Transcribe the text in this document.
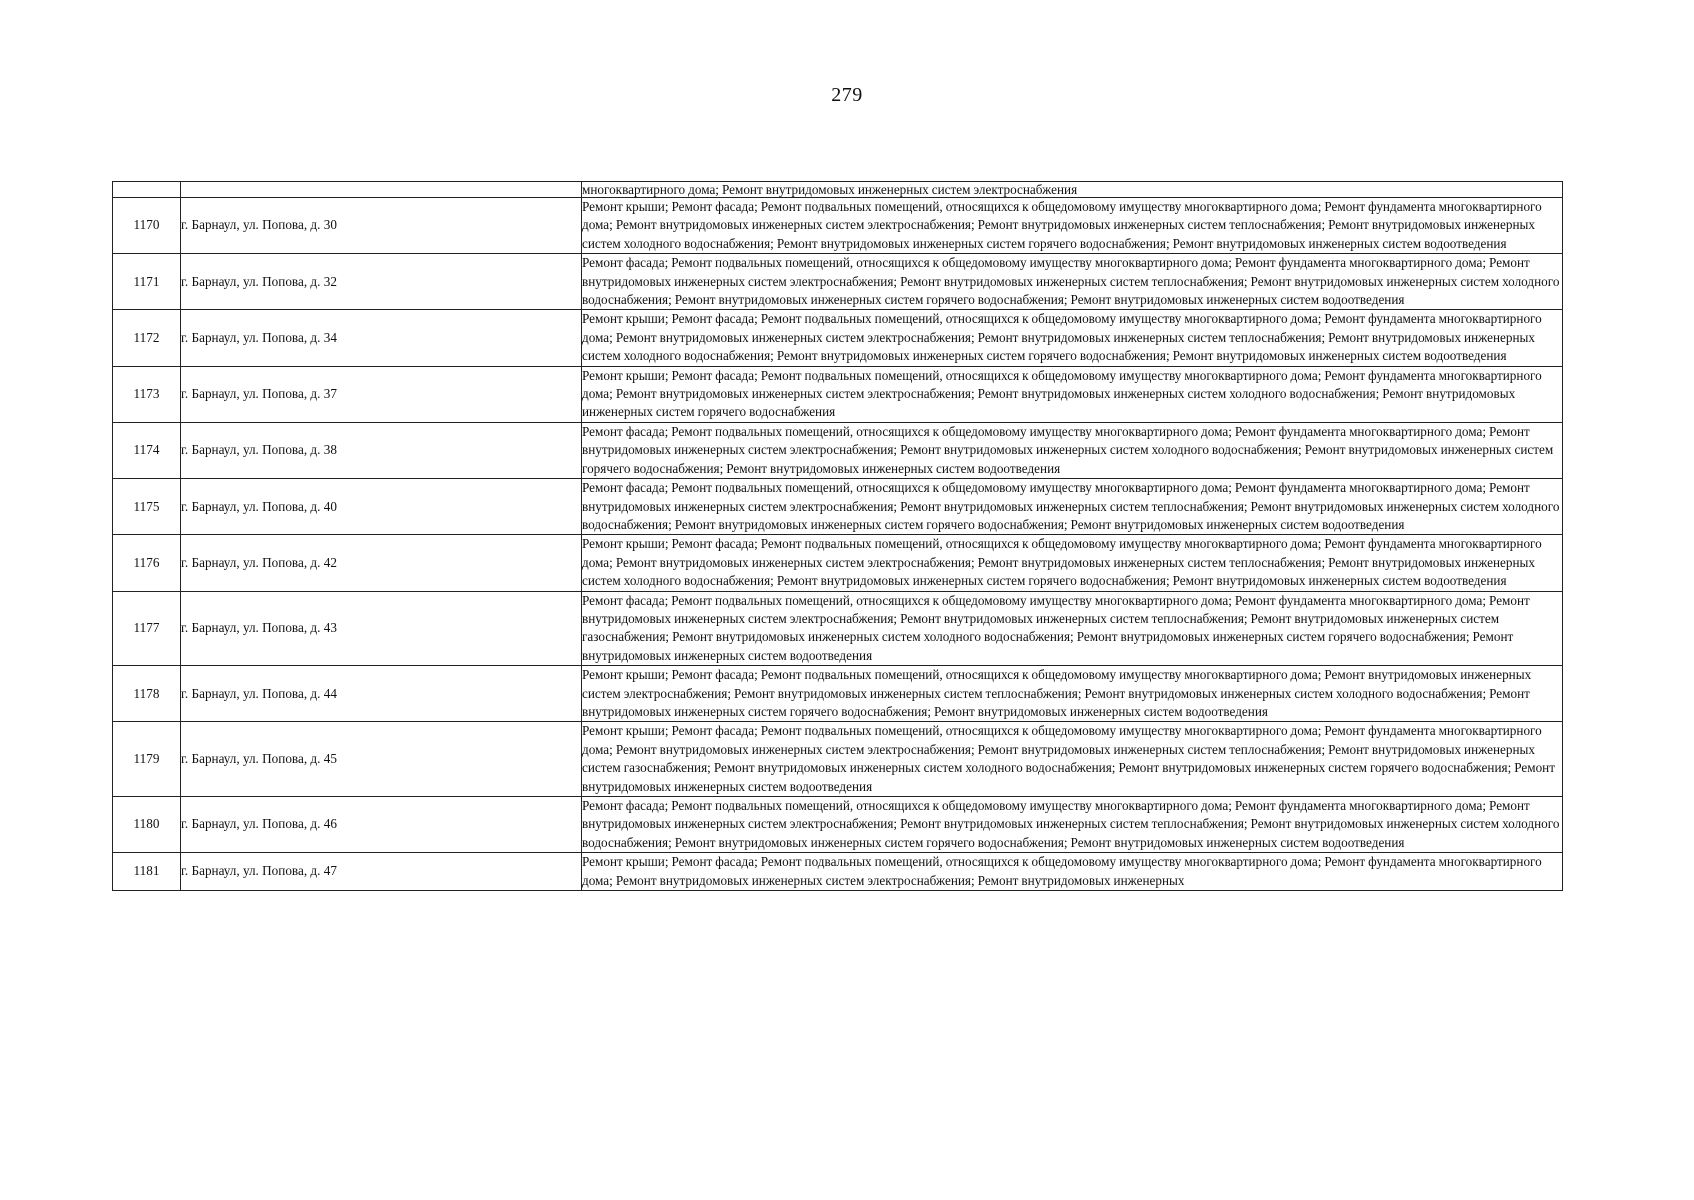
279
		многоквартирного дома; Ремонт внутридомовых инженерных систем электроснабжения
1170	г. Барнаул, ул. Попова, д. 30	Ремонт крыши; Ремонт фасада; Ремонт подвальных помещений, относящихся к общедомовому имуществу многоквартирного дома; Ремонт фундамента многоквартирного дома; Ремонт внутридомовых инженерных систем электроснабжения; Ремонт внутридомовых инженерных систем теплоснабжения; Ремонт внутридомовых инженерных систем холодного водоснабжения; Ремонт внутридомовых инженерных систем горячего водоснабжения; Ремонт внутридомовых инженерных систем водоотведения
1171	г. Барнаул, ул. Попова, д. 32	Ремонт фасада; Ремонт подвальных помещений, относящихся к общедомовому имуществу многоквартирного дома; Ремонт фундамента многоквартирного дома; Ремонт внутридомовых инженерных систем электроснабжения; Ремонт внутридомовых инженерных систем теплоснабжения; Ремонт внутридомовых инженерных систем холодного водоснабжения; Ремонт внутридомовых инженерных систем горячего водоснабжения; Ремонт внутридомовых инженерных систем водоотведения
1172	г. Барнаул, ул. Попова, д. 34	Ремонт крыши; Ремонт фасада; Ремонт подвальных помещений, относящихся к общедомовому имуществу многоквартирного дома; Ремонт фундамента многоквартирного дома; Ремонт внутридомовых инженерных систем электроснабжения; Ремонт внутридомовых инженерных систем теплоснабжения; Ремонт внутридомовых инженерных систем холодного водоснабжения; Ремонт внутридомовых инженерных систем горячего водоснабжения; Ремонт внутридомовых инженерных систем водоотведения
1173	г. Барнаул, ул. Попова, д. 37	Ремонт крыши; Ремонт фасада; Ремонт подвальных помещений, относящихся к общедомовому имуществу многоквартирного дома; Ремонт фундамента многоквартирного дома; Ремонт внутридомовых инженерных систем электроснабжения; Ремонт внутридомовых инженерных систем холодного водоснабжения; Ремонт внутридомовых инженерных систем горячего водоснабжения
1174	г. Барнаул, ул. Попова, д. 38	Ремонт фасада; Ремонт подвальных помещений, относящихся к общедомовому имуществу многоквартирного дома; Ремонт фундамента многоквартирного дома; Ремонт внутридомовых инженерных систем электроснабжения; Ремонт внутридомовых инженерных систем холодного водоснабжения; Ремонт внутридомовых инженерных систем горячего водоснабжения; Ремонт внутридомовых инженерных систем водоотведения
1175	г. Барнаул, ул. Попова, д. 40	Ремонт фасада; Ремонт подвальных помещений, относящихся к общедомовому имуществу многоквартирного дома; Ремонт фундамента многоквартирного дома; Ремонт внутридомовых инженерных систем электроснабжения; Ремонт внутридомовых инженерных систем теплоснабжения; Ремонт внутридомовых инженерных систем холодного водоснабжения; Ремонт внутридомовых инженерных систем горячего водоснабжения; Ремонт внутридомовых инженерных систем водоотведения
1176	г. Барнаул, ул. Попова, д. 42	Ремонт крыши; Ремонт фасада; Ремонт подвальных помещений, относящихся к общедомовому имуществу многоквартирного дома; Ремонт фундамента многоквартирного дома; Ремонт внутридомовых инженерных систем электроснабжения; Ремонт внутридомовых инженерных систем теплоснабжения; Ремонт внутридомовых инженерных систем холодного водоснабжения; Ремонт внутридомовых инженерных систем горячего водоснабжения; Ремонт внутридомовых инженерных систем водоотведения
1177	г. Барнаул, ул. Попова, д. 43	Ремонт фасада; Ремонт подвальных помещений, относящихся к общедомовому имуществу многоквартирного дома; Ремонт фундамента многоквартирного дома; Ремонт внутридомовых инженерных систем электроснабжения; Ремонт внутридомовых инженерных систем теплоснабжения; Ремонт внутридомовых инженерных систем газоснабжения; Ремонт внутридомовых инженерных систем холодного водоснабжения; Ремонт внутридомовых инженерных систем горячего водоснабжения; Ремонт внутридомовых инженерных систем водоотведения
1178	г. Барнаул, ул. Попова, д. 44	Ремонт крыши; Ремонт фасада; Ремонт подвальных помещений, относящихся к общедомовому имуществу многоквартирного дома; Ремонт внутридомовых инженерных систем электроснабжения; Ремонт внутридомовых инженерных систем теплоснабжения; Ремонт внутридомовых инженерных систем холодного водоснабжения; Ремонт внутридомовых инженерных систем горячего водоснабжения; Ремонт внутридомовых инженерных систем водоотведения
1179	г. Барнаул, ул. Попова, д. 45	Ремонт крыши; Ремонт фасада; Ремонт подвальных помещений, относящихся к общедомовому имуществу многоквартирного дома; Ремонт фундамента многоквартирного дома; Ремонт внутридомовых инженерных систем электроснабжения; Ремонт внутридомовых инженерных систем теплоснабжения; Ремонт внутридомовых инженерных систем газоснабжения; Ремонт внутридомовых инженерных систем холодного водоснабжения; Ремонт внутридомовых инженерных систем горячего водоснабжения; Ремонт внутридомовых инженерных систем водоотведения
1180	г. Барнаул, ул. Попова, д. 46	Ремонт фасада; Ремонт подвальных помещений, относящихся к общедомовому имуществу многоквартирного дома; Ремонт фундамента многоквартирного дома; Ремонт внутридомовых инженерных систем электроснабжения; Ремонт внутридомовых инженерных систем теплоснабжения; Ремонт внутридомовых инженерных систем холодного водоснабжения; Ремонт внутридомовых инженерных систем горячего водоснабжения; Ремонт внутридомовых инженерных систем водоотведения
1181	г. Барнаул, ул. Попова, д. 47	Ремонт крыши; Ремонт фасада; Ремонт подвальных помещений, относящихся к общедомовому имуществу многоквартирного дома; Ремонт фундамента многоквартирного дома; Ремонт внутридомовых инженерных систем электроснабжения; Ремонт внутридомовых инженерных
